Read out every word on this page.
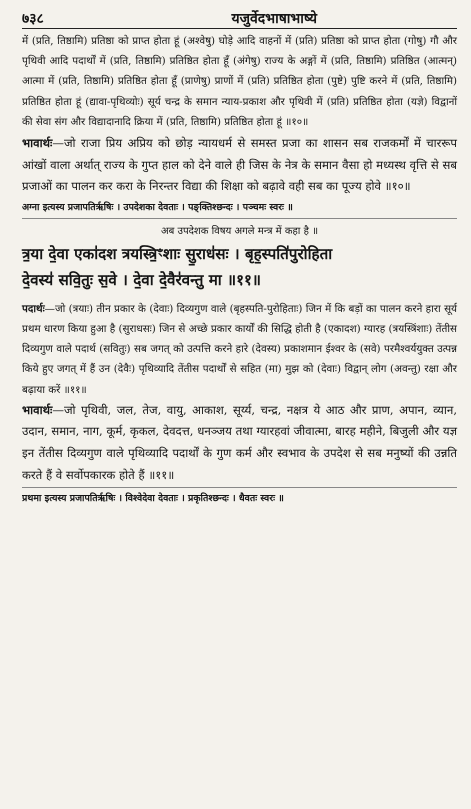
७३८	यजुर्वेदभाषाभाष्ये

में (प्रति, तिष्ठामि) प्रतिष्ठा को प्राप्त होता हूं (अश्वेषु) घोड़े आदि वाहनों में (प्रति) प्रतिष्ठा को प्राप्त होता (गोषु) गौ और पृथिवी आदि पदार्थों में (प्रति, तिष्ठामि) प्रतिष्ठित होता हूँ (अंगेषु) राज्य के अङ्गों में (प्रति, तिष्ठामि) प्रतिष्ठित (आत्मन्) आत्मा में (प्रति, तिष्ठामि) प्रतिष्ठित होता हूँ (प्राणेषु) प्राणों में (प्रति) प्रतिष्ठित होता (पुष्टे) पुष्टि करने में (प्रति, तिष्ठामि) प्रतिष्ठित होता हूं (द्यावा-पृथिव्योः) सूर्य चन्द्र के समान न्याय-प्रकाश और पृथिवी में (प्रति) प्रतिष्ठित होता (यज्ञे) विद्वानों की सेवा संग और विद्यादानादि क्रिया में (प्रति, तिष्ठामि) प्रतिष्ठित होता हूं ॥१०॥

भावार्थः—जो राजा प्रिय अप्रिय को छोड़ न्यायधर्म से समस्त प्रजा का शासन सब राजकर्मों में चाररूप आंखों वाला अर्थात् राज्य के गुप्त हाल को देने वाले ही जिस के नेत्र के समान वैसा हो मध्यस्थ वृत्ति से सब प्रजाओं का पालन कर करा के निरन्तर विद्या की शिक्षा को बढ़ावे वही सब का पूज्य होवे ॥१०॥

अग्ना इत्यस्य प्रजापतिर्ऋषिः । उपदेशका देवताः । पङ्क्तिश्छन्दः । पञ्चमः स्वरः ॥

अब उपदेशक विषय अगले मन्त्र में कहा है ॥

त्र॒या दे॒वा एका॑दश त्रयस्त्रि॒ꣳशाः सु॒राध॑सः । बृह॒स्पति॑पुरोहिता

दे॒वस्य॑ सवि॒तुः स॒वे । दे॒वा दे॒वैर॑वन्तु मा ॥११॥

पदार्थः—जो (त्रयाः) तीन प्रकार के (देवाः) दिव्यगुण वाले (बृहस्पति-पुरोहिताः) जिन में कि बड़ों का पालन करने हारा सूर्य प्रथम धारण किया हुआ है (सुराधसः) जिन से अच्छे प्रकार कार्यों की सिद्धि होती है (एकादश) ग्यारह (त्रयस्त्रिंशाः) तेंतीस दिव्यगुण वाले पदार्थ (सवितुः) सब जगत् को उत्पत्ति करने हारे (देवस्य) प्रकाशमान ईश्वर के (सवे) परमैश्वर्ययुक्त उत्पन्न किये हुए जगत् में हैं उन (देवैः) पृथिव्यादि तेंतीस पदार्थों से सहित (मा) मुझ को (देवाः) विद्वान् लोग (अवन्तु) रक्षा और बढ़ाया करें ॥११॥

भावार्थः—जो पृथिवी, जल, तेज, वायु, आकाश, सूर्य्य, चन्द्र, नक्षत्र ये आठ और प्राण, अपान, व्यान, उदान, समान, नाग, कूर्म, कृकल, देवदत्त, धनञ्जय तथा ग्यारहवां जीवात्मा, बारह महीने, बिजुली और यज्ञ इन तेंतीस दिव्यगुण वाले पृथिव्यादि पदार्थों के गुण कर्म और स्वभाव के उपदेश से सब मनुष्यों की उन्नति करते हैं वे सर्वोपकारक होते हैं ॥११॥

प्रथमा इत्यस्य प्रजापतिर्ऋषिः । विश्वेदेवा देवताः । प्रकृतिश्छन्दः । धैवतः स्वरः ॥
